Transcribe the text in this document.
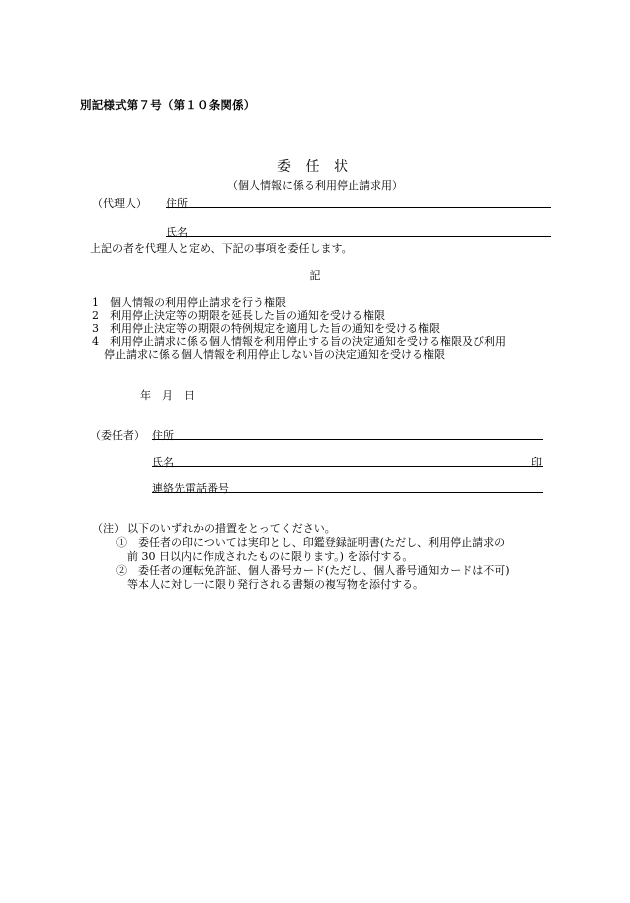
別記様式第７号（第１０条関係）
委 任 状
（個人情報に係る利用停止請求用）
（代理人） 住所
氏名
上記の者を代理人と定め、下記の事項を委任します。
記
1　個人情報の利用停止請求を行う権限
2　利用停止決定等の期限を延長した旨の通知を受ける権限
3　利用停止決定等の期限の特例規定を適用した旨の通知を受ける権限
4　利用停止請求に係る個人情報を利用停止する旨の決定通知を受ける権限及び利用
停止請求に係る個人情報を利用停止しない旨の決定通知を受ける権限
年　月　日
（委任者） 住所
氏名	印
連絡先電話番号
（注） 以下のいずれかの措置をとってください。
①　委任者の印については実印とし、印鑑登録証明書(ただし、利用停止請求の
前 30 日以内に作成されたものに限ります。) を添付する。
②　委任者の運転免許証、個人番号カード(ただし、個人番号通知カードは不可)
等本人に対し一に限り発行される書類の複写物を添付する。
